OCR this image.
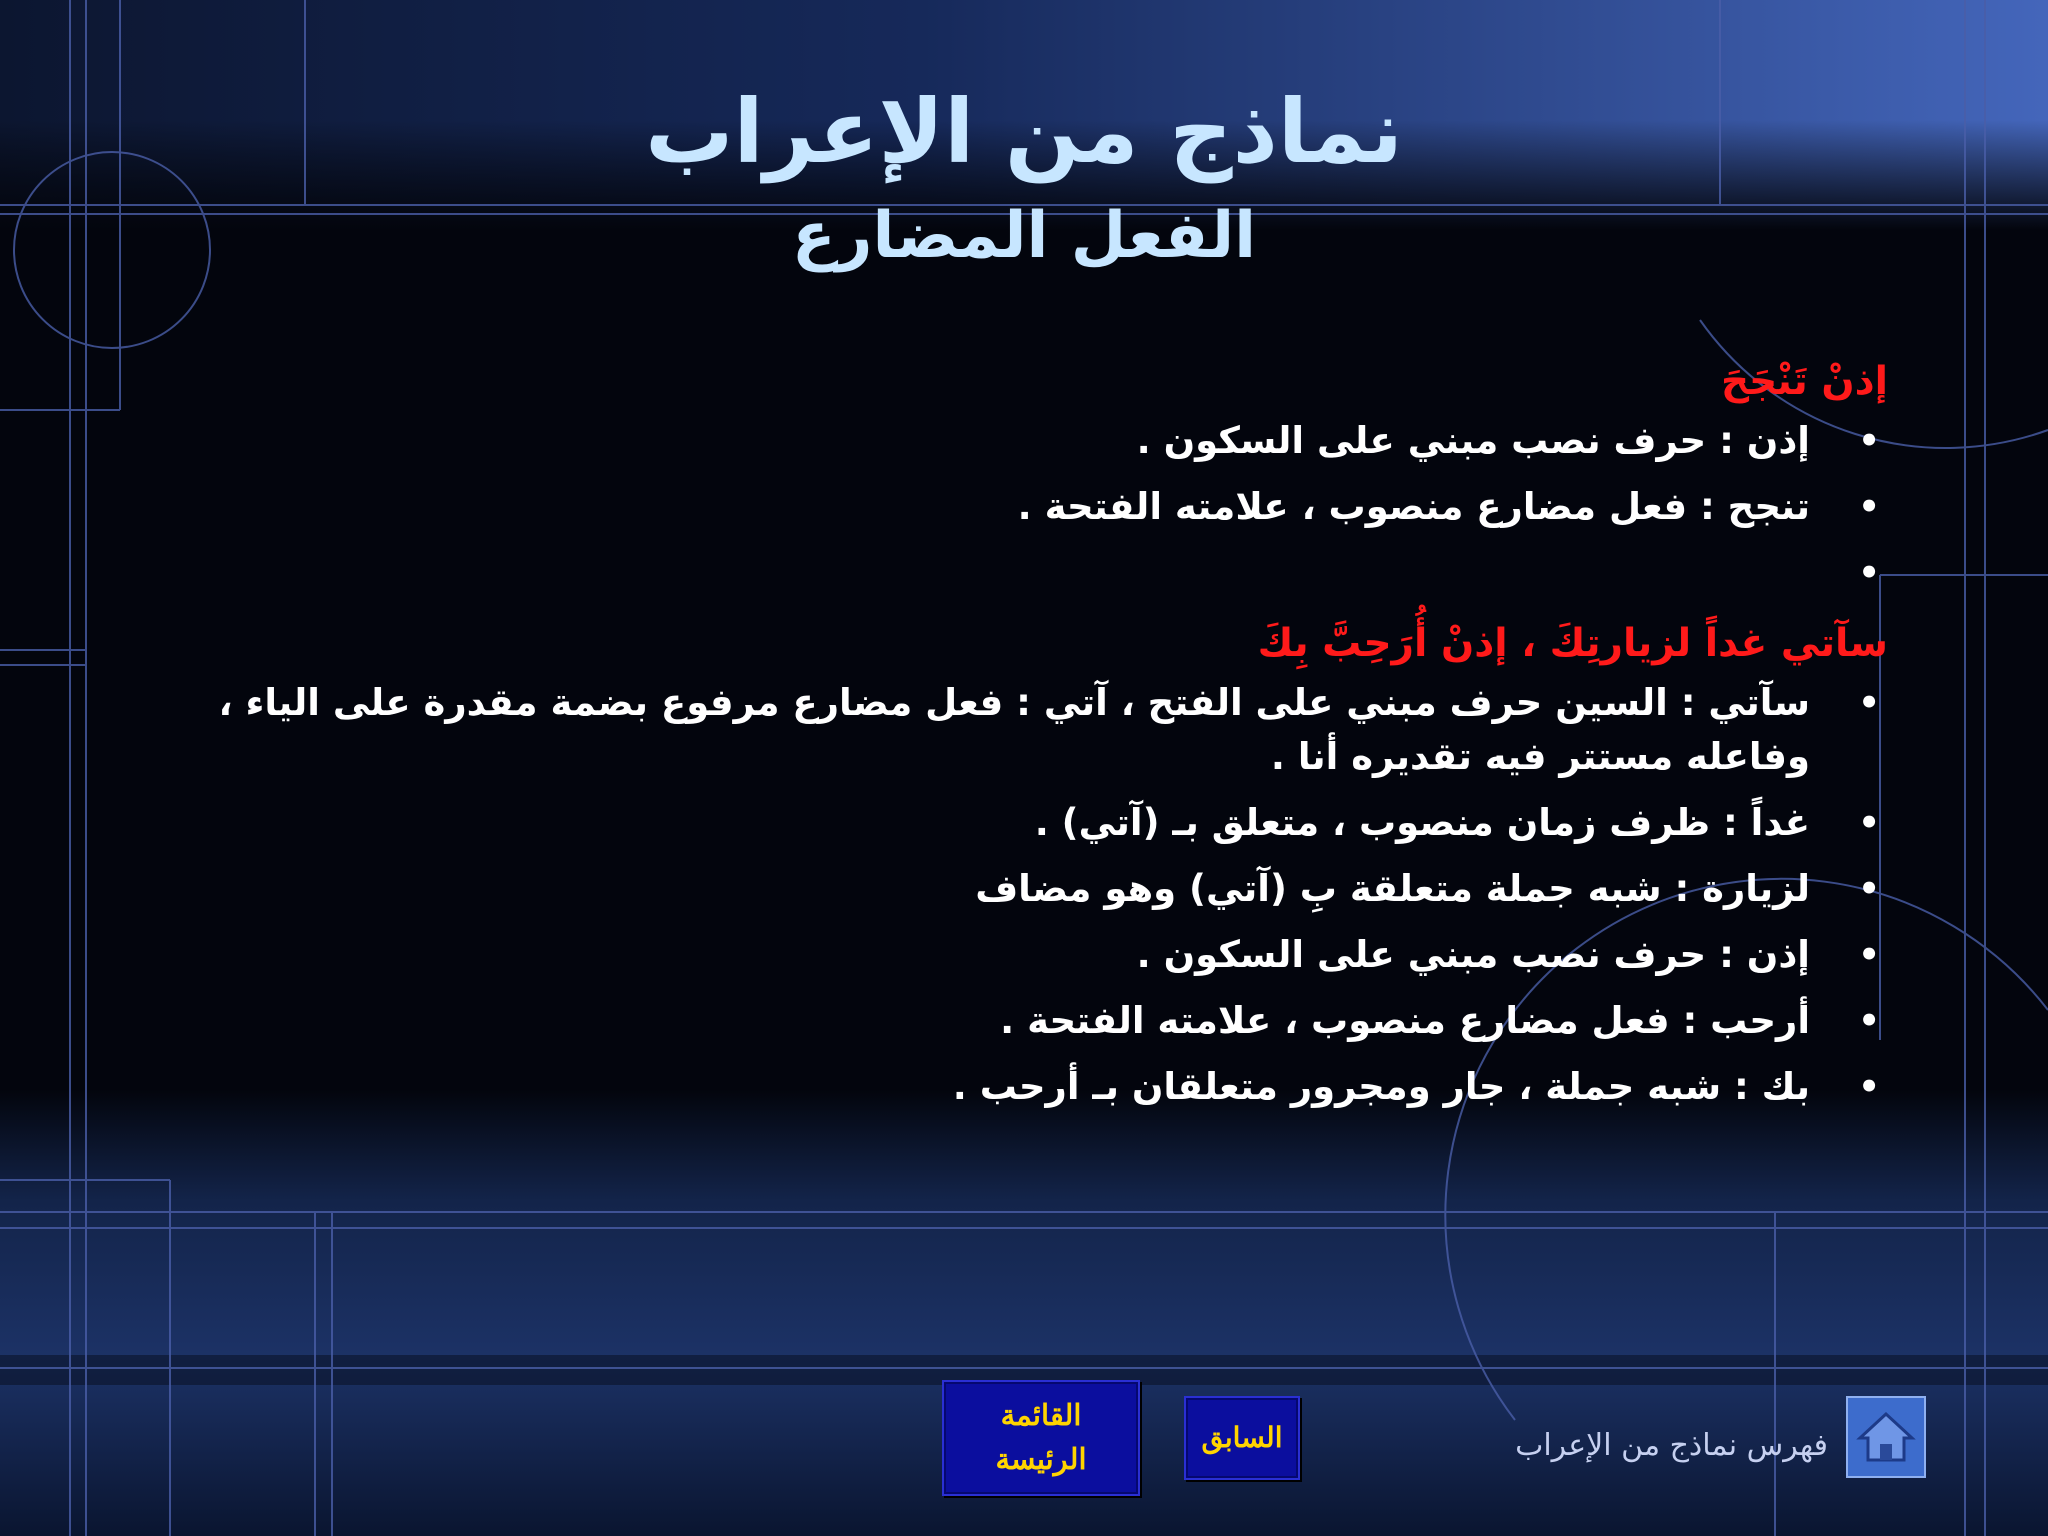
نماذج من الإعراب
الفعل المضارع
إذنْ تَنْجَحَ
•
إذن : حرف نصب مبني على السكون .
•
تنجح : فعل مضارع منصوب ، علامته الفتحة .
•
سآتي غداً لزيارتِكَ ، إذنْ أُرَحِبَّ بِكَ
•
سآتي : السين حرف مبني على الفتح ، آتي : فعل مضارع مرفوع بضمة مقدرة على الياء ، وفاعله مستتر فيه تقديره أنا .
•
غداً : ظرف زمان منصوب ، متعلق بـ (آتي) .
•
لزيارة : شبه جملة متعلقة بِ (آتي) وهو مضاف
•
إذن : حرف نصب مبني على السكون .
•
أرحب : فعل مضارع منصوب ، علامته الفتحة .
•
بك : شبه جملة ، جار ومجرور متعلقان بـ أرحب .
القائمة
الرئيسة
السابق	فهرس نماذج من الإعراب
